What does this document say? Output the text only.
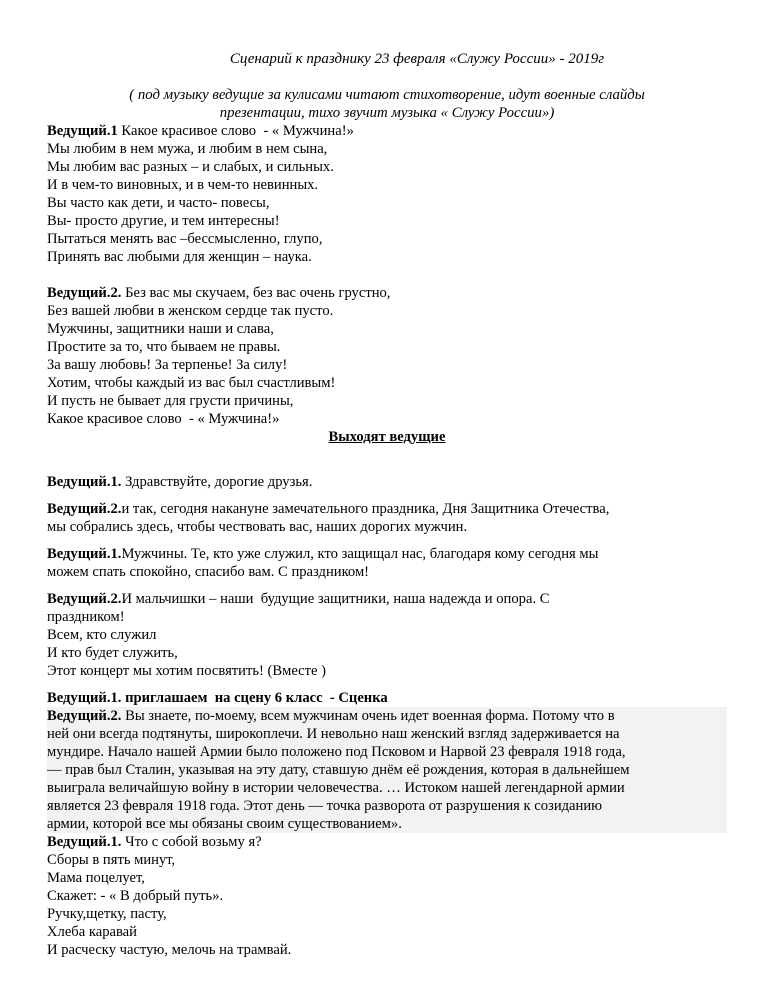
Сценарий к празднику 23 февраля «Служу России» - 2019г
( под музыку ведущие за кулисами читают стихотворение, идут военные слайды
презентации, тихо звучит музыка « Служу России»)
Ведущий.1 Какое красивое слово  - « Мужчина!»
Мы любим в нем мужа, и любим в нем сына,
Мы любим вас разных – и слабых, и сильных.
И в чем-то виновных, и в чем-то невинных.
Вы часто как дети, и часто- повесы,
Вы- просто другие, и тем интересны!
Пытаться менять вас –бессмысленно, глупо,
Принять вас любыми для женщин – наука.
Ведущий.2. Без вас мы скучаем, без вас очень грустно,
Без вашей любви в женском сердце так пусто.
Мужчины, защитники наши и слава,
Простите за то, что бываем не правы.
За вашу любовь! За терпенье! За силу!
Хотим, чтобы каждый из вас был счастливым!
И пусть не бывает для грусти причины,
Какое красивое слово  - « Мужчина!»
Выходят ведущие
Ведущий.1. Здравствуйте, дорогие друзья.
Ведущий.2.и так, сегодня накануне замечательного праздника, Дня Защитника Отечества,
мы собрались здесь, чтобы чествовать вас, наших дорогих мужчин.
Ведущий.1.Мужчины. Те, кто уже служил, кто защищал нас, благодаря кому сегодня мы
можем спать спокойно, спасибо вам. С праздником!
Ведущий.2.И мальчишки – наши  будущие защитники, наша надежда и опора. С
праздником!
Всем, кто служил
И кто будет служить,
Этот концерт мы хотим посвятить! (Вместе )
Ведущий.1. приглашаем  на сцену 6 класс  - Сценка
Ведущий.2. Вы знаете, по-моему, всем мужчинам очень идет военная форма. Потому что в
ней они всегда подтянуты, широкоплечи. И невольно наш женский взгляд задерживается на
мундире. Начало нашей Армии было положено под Псковом и Нарвой 23 февраля 1918 года,
— прав был Сталин, указывая на эту дату, ставшую днём её рождения, которая в дальнейшем
выиграла величайшую войну в истории человечества. … Истоком нашей легендарной армии
является 23 февраля 1918 года. Этот день — точка разворота от разрушения к созиданию
армии, которой все мы обязаны своим существованием».
Ведущий.1. Что с собой возьму я?
Сборы в пять минут,
Мама поцелует,
Скажет: - « В добрый путь».
Ручку,щетку, пасту,
Хлеба каравай
И расческу частую, мелочь на трамвай.
